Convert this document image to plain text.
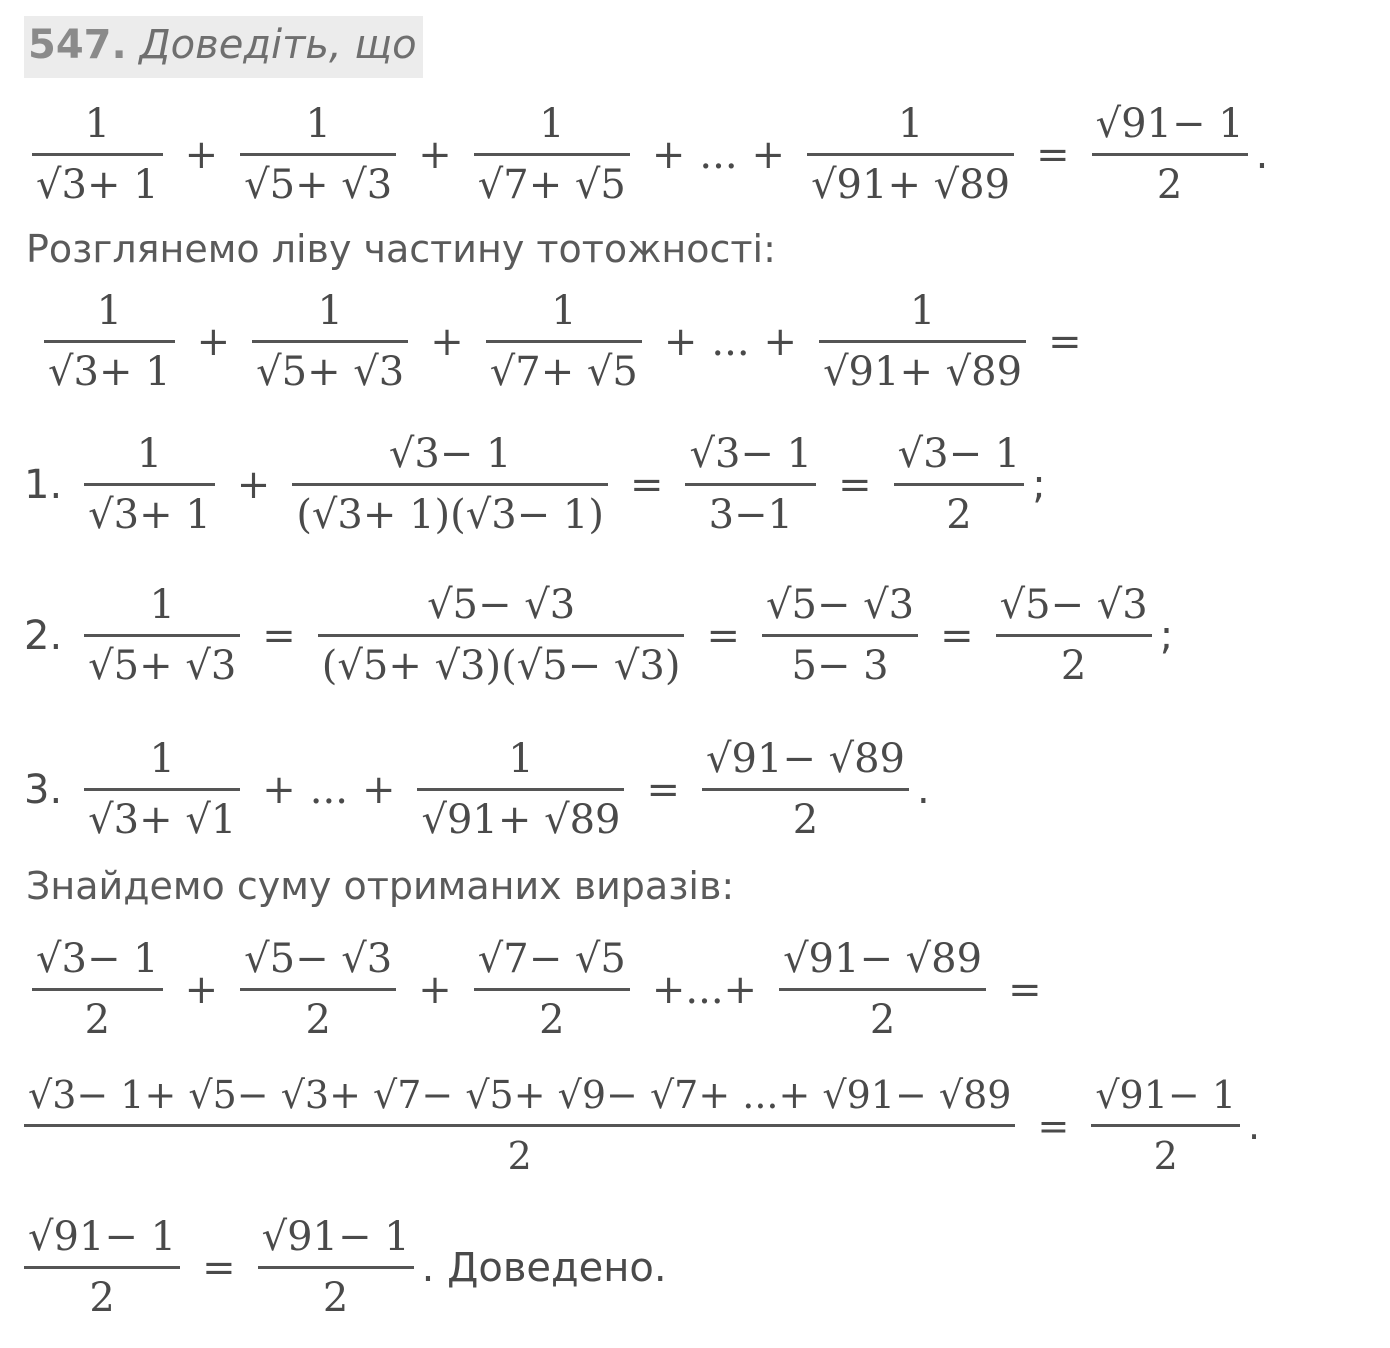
547. Доведіть, що
$\frac{1}{√3+ 1} + \frac{1}{√5+ √3} + \frac{1}{√7+ √5}$ + ... + $\frac{1}{√91+ √89} = \frac{√91- 1}{2}$ .
Розглянемо ліву частину тотожності:
$\frac{1}{√3+ 1} + \frac{1}{√5+ √3} + \frac{1}{√7+ √5}$ + ... + $\frac{1}{√91+ √89}$ =
1. $\frac{1}{√3+ 1} + \frac{√3- 1}{(√3+ 1)(√3- 1)} = \frac{√3- 1}{3-1} = \frac{√3- 1}{2}$ ;
2. $\frac{1}{√5+ √3} = \frac{√5- √3}{(√5+ √3)(√5- √3)} = \frac{√5- √3}{5- 3} = \frac{√5- √3}{2}$ ;
3. $\frac{1}{√3+ √1}$ + ... + $\frac{1}{√91+ √89} = \frac{√91- √89}{2}$ .
Знайдемо суму отриманих виразів:
$\frac{√3- 1}{2} + \frac{√5- √3}{2} + \frac{√7- √5}{2}$ +...+ $\frac{√91- √89}{2}$ =
$\frac{√3- 1+ √5- √3+ √7- √5+ √9- √7+ ...+ √91- √89}{2} = \frac{√91- 1}{2}$ .
$\frac{√91- 1}{2} = \frac{√91- 1}{2}$ . Доведено.
